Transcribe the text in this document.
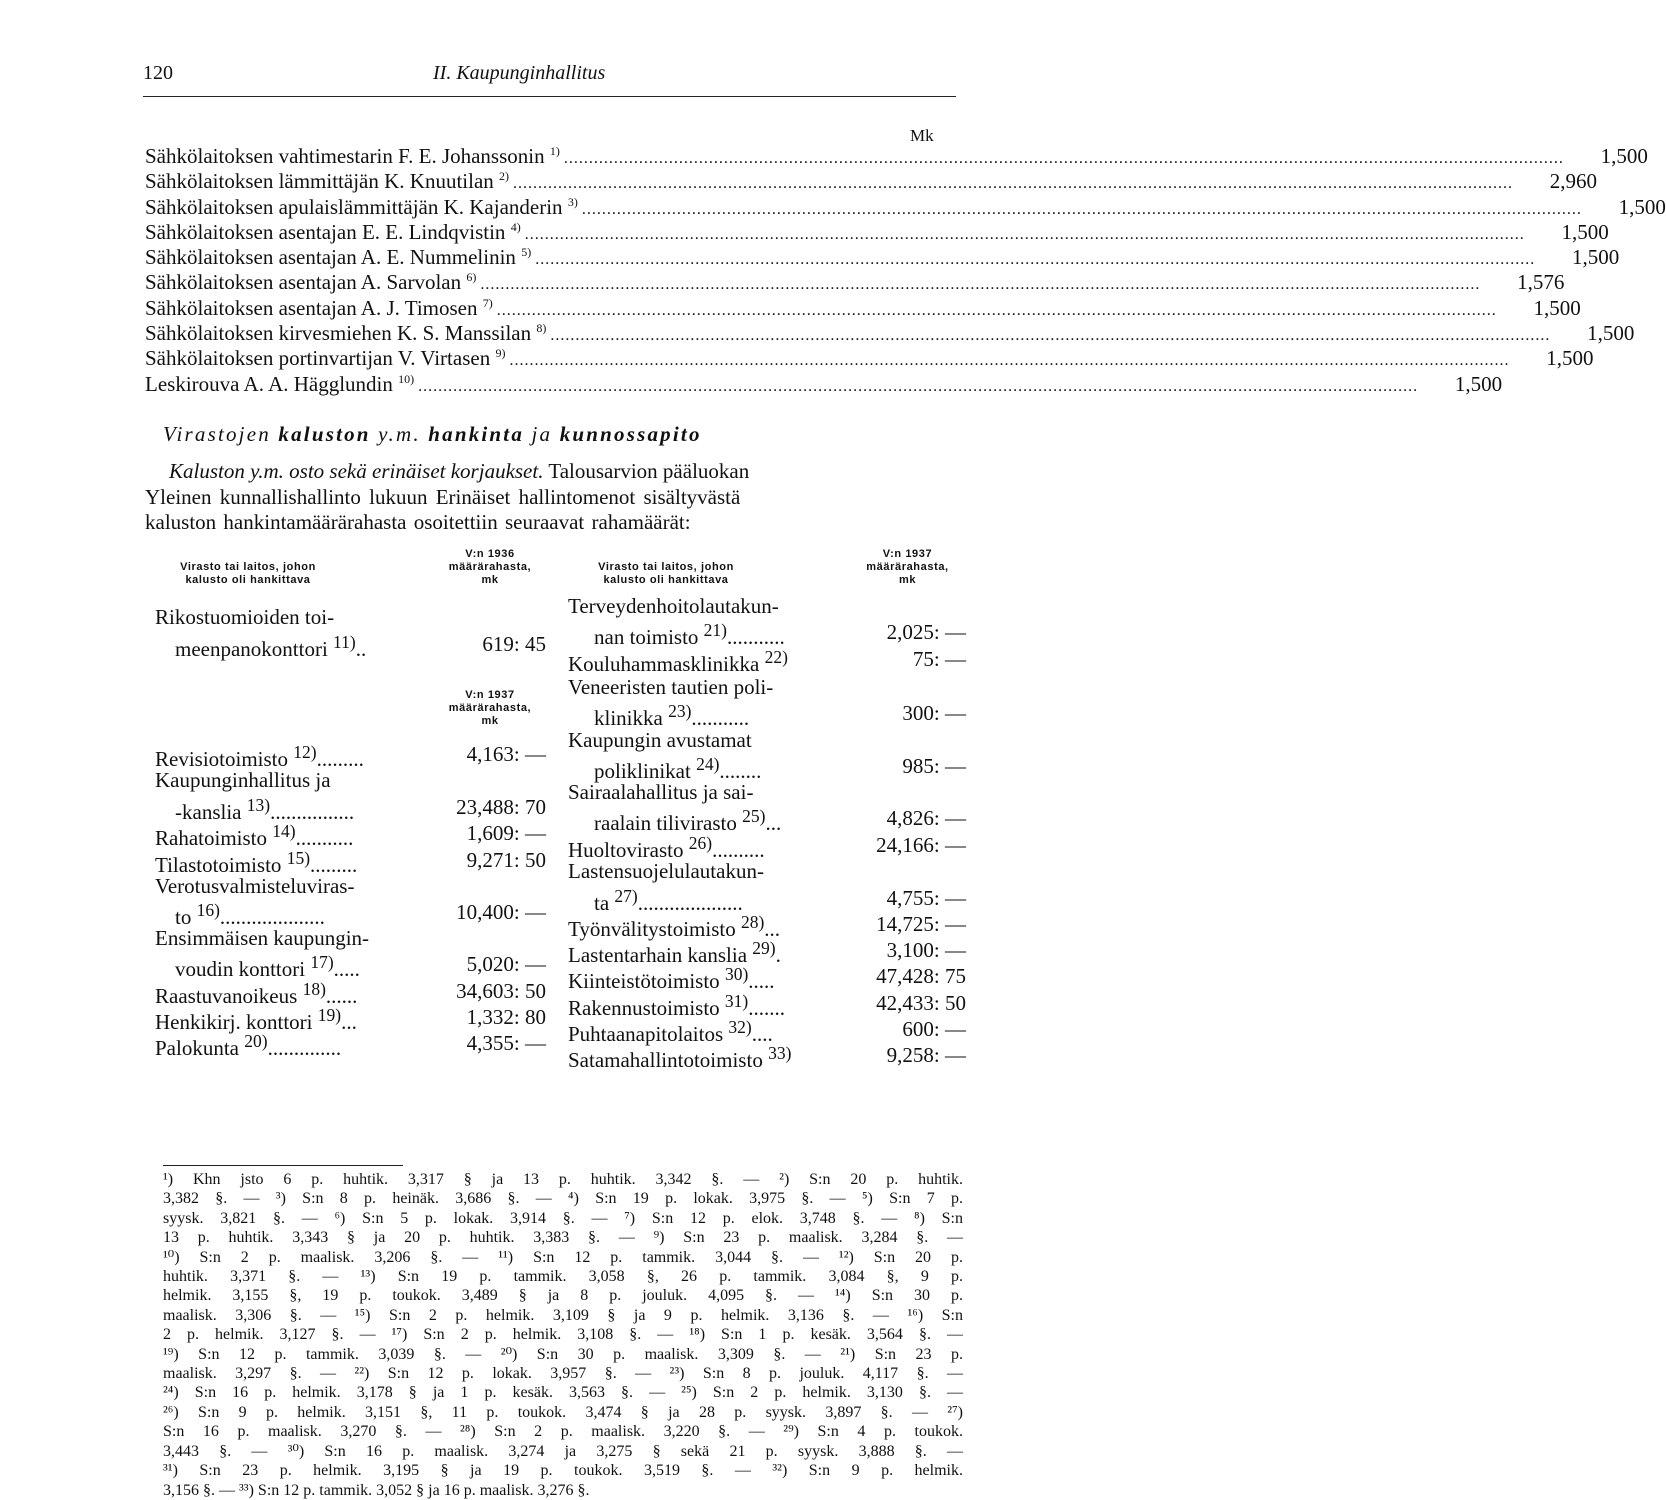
120	II. Kaupunginhallitus
Mk
Sähkölaitoksen vahtimestarin F. E. Johanssonin $^{1)}$ ........................................................................................................................................................................................................	1,500
Sähkölaitoksen lämmittäjän K. Knuutilan $^{2)}$ ........................................................................................................................................................................................................	2,960
Sähkölaitoksen apulaislämmittäjän K. Kajanderin $^{3)}$ ........................................................................................................................................................................................................	1,500
Sähkölaitoksen asentajan E. E. Lindqvistin $^{4)}$ ........................................................................................................................................................................................................	1,500
Sähkölaitoksen asentajan A. E. Nummelinin $^{5)}$ ........................................................................................................................................................................................................	1,500
Sähkölaitoksen asentajan A. Sarvolan $^{6)}$ ........................................................................................................................................................................................................	1,576
Sähkölaitoksen asentajan A. J. Timosen $^{7)}$ ........................................................................................................................................................................................................	1,500
Sähkölaitoksen kirvesmiehen K. S. Manssilan $^{8)}$ ........................................................................................................................................................................................................	1,500
Sähkölaitoksen portinvartijan V. Virtasen $^{9)}$ ........................................................................................................................................................................................................	1,500
Leskirouva A. A. Hägglundin $^{10)}$ ........................................................................................................................................................................................................	1,500
Virastojen kaluston y.m. hankinta ja kunnossapito
Kaluston y.m. osto sekä erinäiset korjaukset. Talousarvion pääluokan
Yleinen kunnallishallinto lukuun Erinäiset hallintomenot sisältyvästä
kaluston hankintamäärärahasta osoitettiin seuraavat rahamäärät:
Virasto tai laitos, johon
kalusto oli hankittava
V:n 1936
määrärahasta,
mk
V:n 1937
määrärahasta,
mk
Virasto tai laitos, johon
kalusto oli hankittava
V:n 1937
määrärahasta,
mk
Rikostuomioiden toi-
meenpanokonttori $^{11)}$..	619: 45
Revisiotoimisto $^{12)}$.........	4,163: —
Kaupunginhallitus ja
-kanslia $^{13)}$................	23,488: 70
Rahatoimisto $^{14)}$...........	1,609: —
Tilastotoimisto $^{15)}$.........	9,271: 50
Verotusvalmisteluviras-
to $^{16)}$....................	10,400: —
Ensimmäisen kaupungin-
voudin konttori $^{17)}$.....	5,020: —
Raastuvanoikeus $^{18)}$......	34,603: 50
Henkikirj. konttori $^{19)}$...	1,332: 80
Palokunta $^{20)}$..............	4,355: —
Terveydenhoitolautakun-
nan toimisto $^{21)}$...........	2,025: —
Kouluhammasklinikka $^{22)}$	75: —
Veneeristen tautien poli-
klinikka $^{23)}$...........	300: —
Kaupungin avustamat
poliklinikat $^{24)}$........	985: —
Sairaalahallitus ja sai-
raalain tilivirasto $^{25)}$...	4,826: —
Huoltovirasto $^{26)}$..........	24,166: —
Lastensuojelulautakun-
ta $^{27)}$....................	4,755: —
Työnvälitystoimisto $^{28)}$...	14,725: —
Lastentarhain kanslia $^{29)}$.	3,100: —
Kiinteistötoimisto $^{30)}$.....	47,428: 75
Rakennustoimisto $^{31)}$.......	42,433: 50
Puhtaanapitolaitos $^{32)}$....	600: —
Satamahallintotoimisto $^{33)}$	9,258: —
¹) Khn jsto 6 p. huhtik. 3,317 § ja 13 p. huhtik. 3,342 §. — ²) S:n 20 p. huhtik.
3,382 §. — ³) S:n 8 p. heinäk. 3,686 §. — ⁴) S:n 19 p. lokak. 3,975 §. — ⁵) S:n 7 p.
syysk. 3,821 §. — ⁶) S:n 5 p. lokak. 3,914 §. — ⁷) S:n 12 p. elok. 3,748 §. — ⁸) S:n
13 p. huhtik. 3,343 § ja 20 p. huhtik. 3,383 §. — ⁹) S:n 23 p. maalisk. 3,284 §. —
¹⁰) S:n 2 p. maalisk. 3,206 §. — ¹¹) S:n 12 p. tammik. 3,044 §. — ¹²) S:n 20 p.
huhtik. 3,371 §. — ¹³) S:n 19 p. tammik. 3,058 §, 26 p. tammik. 3,084 §, 9 p.
helmik. 3,155 §, 19 p. toukok. 3,489 § ja 8 p. jouluk. 4,095 §. — ¹⁴) S:n 30 p.
maalisk. 3,306 §. — ¹⁵) S:n 2 p. helmik. 3,109 § ja 9 p. helmik. 3,136 §. — ¹⁶) S:n
2 p. helmik. 3,127 §. — ¹⁷) S:n 2 p. helmik. 3,108 §. — ¹⁸) S:n 1 p. kesäk. 3,564 §. —
¹⁹) S:n 12 p. tammik. 3,039 §. — ²⁰) S:n 30 p. maalisk. 3,309 §. — ²¹) S:n 23 p.
maalisk. 3,297 §. — ²²) S:n 12 p. lokak. 3,957 §. — ²³) S:n 8 p. jouluk. 4,117 §. —
²⁴) S:n 16 p. helmik. 3,178 § ja 1 p. kesäk. 3,563 §. — ²⁵) S:n 2 p. helmik. 3,130 §. —
²⁶) S:n 9 p. helmik. 3,151 §, 11 p. toukok. 3,474 § ja 28 p. syysk. 3,897 §. — ²⁷)
S:n 16 p. maalisk. 3,270 §. — ²⁸) S:n 2 p. maalisk. 3,220 §. — ²⁹) S:n 4 p. toukok.
3,443 §. — ³⁰) S:n 16 p. maalisk. 3,274 ja 3,275 § sekä 21 p. syysk. 3,888 §. —
³¹) S:n 23 p. helmik. 3,195 § ja 19 p. toukok. 3,519 §. — ³²) S:n 9 p. helmik.
3,156 §. — ³³) S:n 12 p. tammik. 3,052 § ja 16 p. maalisk. 3,276 §.
